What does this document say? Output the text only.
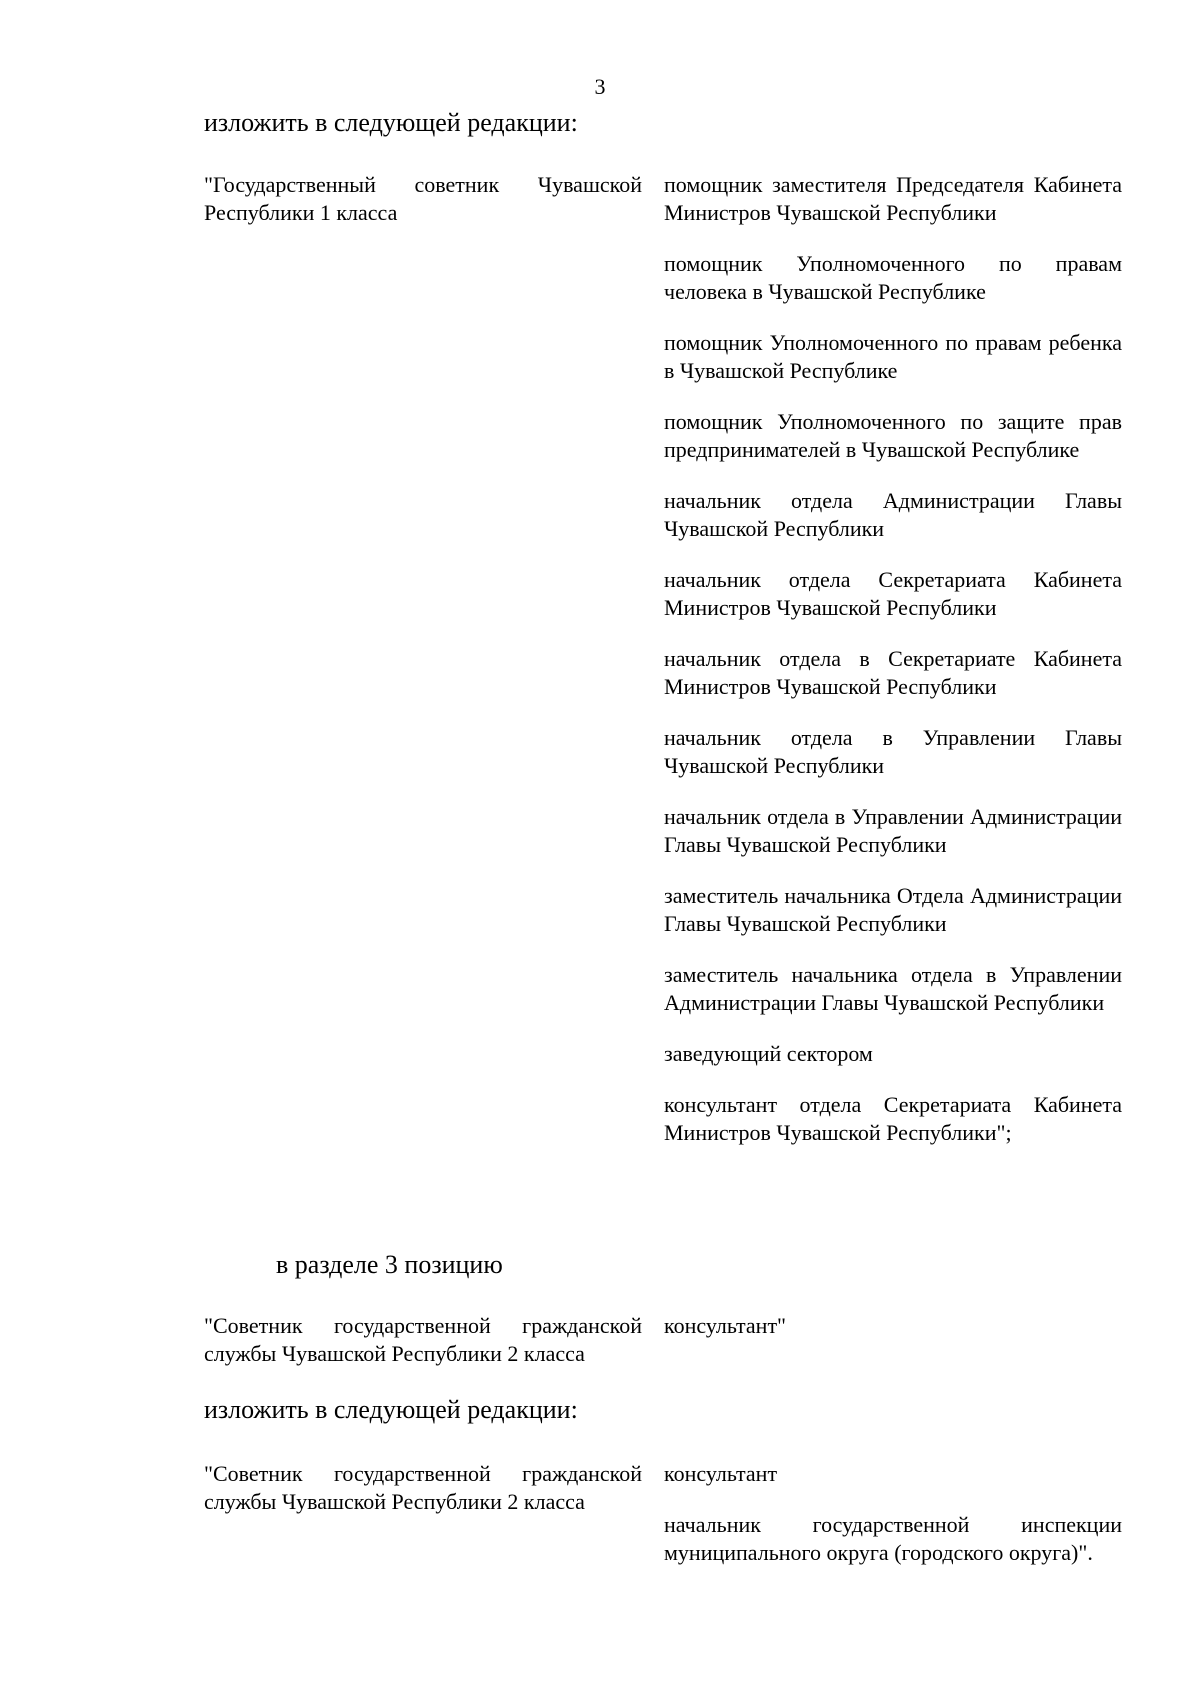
3
изложить в следующей редакции:
"Государственный советник Чувашской Республики 1 класса
помощник заместителя Председателя Кабинета Министров Чувашской Республики
помощник Уполномоченного по правам человека в Чувашской Республике
помощник Уполномоченного по правам ребенка в Чувашской Республике
помощник Уполномоченного по защите прав предпринимателей в Чувашской Республике
начальник отдела Администрации Главы Чувашской Республики
начальник отдела Секретариата Кабинета Министров Чувашской Республики
начальник отдела в Секретариате Кабинета Министров Чувашской Республики
начальник отдела в Управлении Главы Чувашской Республики
начальник отдела в Управлении Администрации Главы Чувашской Республики
заместитель начальника Отдела Администрации Главы Чувашской Республики
заместитель начальника отдела в Управлении Администрации Главы Чувашской Республики
заведующий сектором
консультант отдела Секретариата Кабинета Министров Чувашской Республики";
в разделе 3 позицию
"Советник государственной гражданской службы Чувашской Республики 2 класса
консультант"
изложить в следующей редакции:
"Советник государственной гражданской службы Чувашской Республики 2 класса
консультант
начальник государственной инспекции муниципального округа (городского округа)".
